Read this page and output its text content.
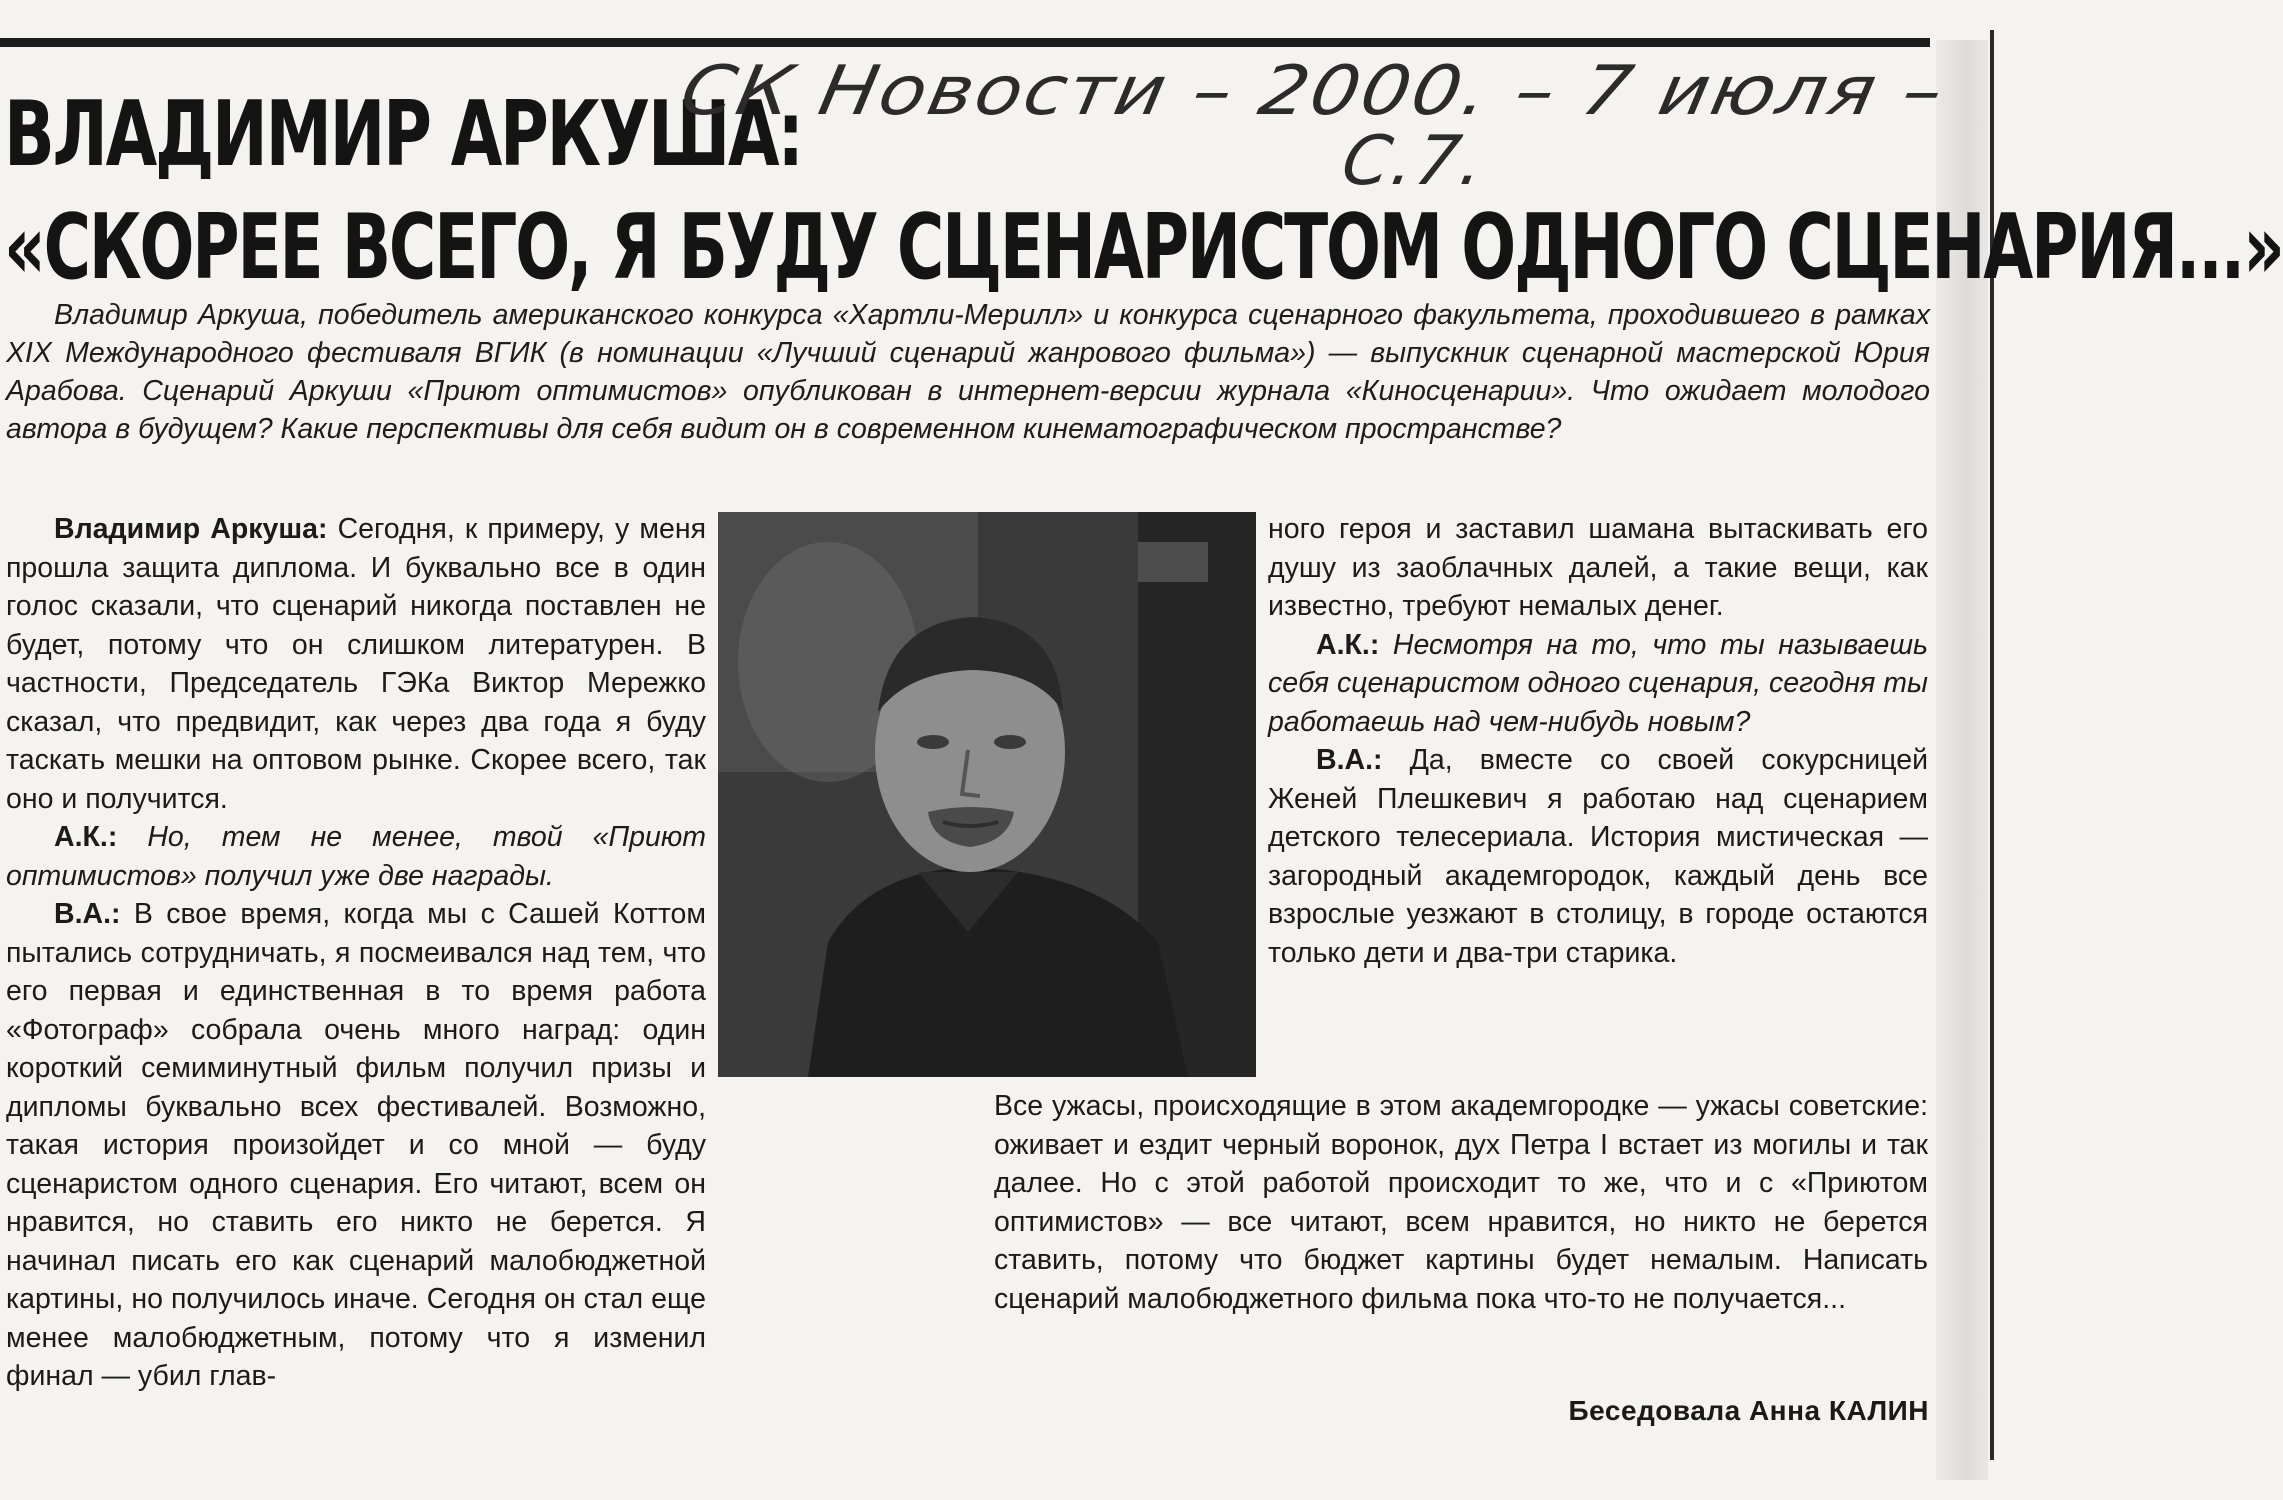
ВЛАДИМИР АРКУША:
«СКОРЕЕ ВСЕГО, Я БУДУ СЦЕНАРИСТОМ ОДНОГО СЦЕНАРИЯ...»
СК Новости – 2000. – 7 июля –
С.7.

Владимир Аркуша, победитель американского конкурса «Хартли-Мерилл» и конкурса сценарного факультета, проходившего в рамках XIX Международного фестиваля ВГИК (в номинации «Лучший сценарий жанрового фильма») — выпускник сценарной мастерской Юрия Арабова. Сценарий Аркуши «Приют оптимистов» опубликован в интернет-версии журнала «Киносценарии». Что ожидает молодого автора в будущем? Какие перспективы для себя видит он в современном кинематографическом пространстве?

Владимир Аркуша: Сегодня, к примеру, у меня прошла защита диплома. И буквально все в один голос сказали, что сценарий никогда поставлен не будет, потому что он слишком литературен. В частности, Председатель ГЭКа Виктор Мережко сказал, что предвидит, как через два года я буду таскать мешки на оптовом рынке. Скорее всего, так оно и получится.

А.К.: Но, тем не менее, твой «Приют оптимистов» получил уже две награды.

В.А.: В свое время, когда мы с Сашей Коттом пытались сотрудничать, я посмеивался над тем, что его первая и единственная в то время работа «Фотограф» собрала очень много наград: один короткий семиминутный фильм получил призы и дипломы буквально всех фестивалей. Возможно, такая история произойдет и со мной — буду сценаристом одного сценария. Его читают, всем он нравится, но ставить его никто не берется. Я начинал писать его как сценарий малобюджетной картины, но получилось иначе. Сегодня он стал еще менее малобюджетным, потому что я изменил финал — убил глав-

ного героя и заставил шамана вытаскивать его душу из заоблачных далей, а такие вещи, как известно, требуют немалых денег.

А.К.: Несмотря на то, что ты называешь себя сценаристом одного сценария, сегодня ты работаешь над чем-нибудь новым?

В.А.: Да, вместе со своей сокурсницей Женей Плешкевич я работаю над сценарием детского телесериала. История мистическая — загородный академгородок, каждый день все взрослые уезжают в столицу, в городе остаются только дети и два-три старика.

Все ужасы, происходящие в этом академгородке — ужасы советские: оживает и ездит черный воронок, дух Петра I встает из могилы и так далее. Но с этой работой происходит то же, что и с «Приютом оптимистов» — все читают, всем нравится, но никто не берется ставить, потому что бюджет картины будет немалым. Написать сценарий малобюджетного фильма пока что-то не получается...

Беседовала Анна КАЛИН
